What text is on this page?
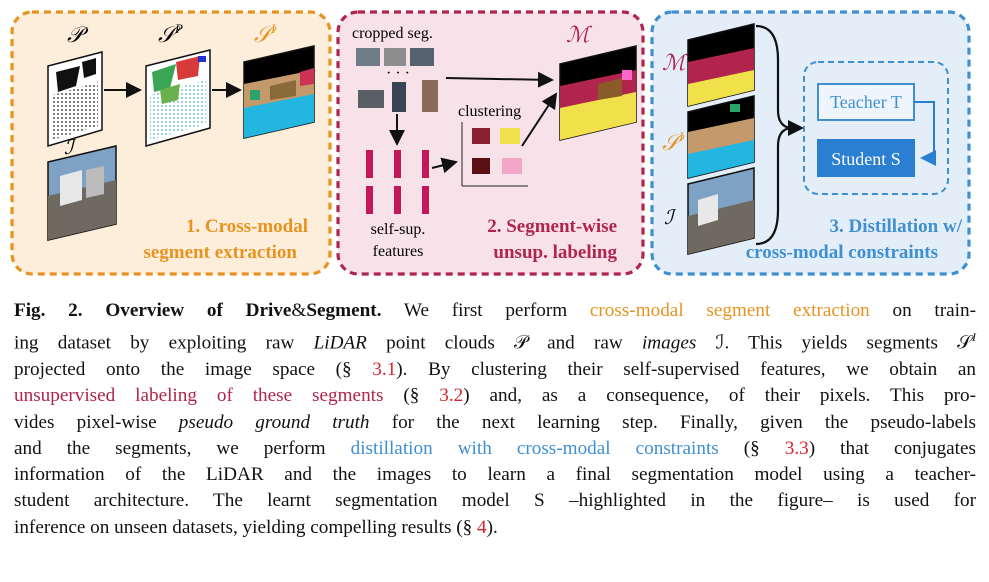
𝒫	𝒮$^P$	𝒮$^I$
ℐ
1. Cross-modal
segment extraction
cropped seg.
· · ·
clustering
ℳ
self-sup.
features
2. Segment-wise
unsup. labeling
ℳ
𝒮$^I$
ℐ
Teacher T
Student S
3. Distillation w/
cross-modal constraints
Fig. 2. Overview of Drive&Segment. We first perform cross-modal segment extraction on train-
ing dataset by exploiting raw LiDAR point clouds 𝒫 and raw images ℐ. This yields segments 𝒮$^I$
projected onto the image space (§ 3.1). By clustering their self-supervised features, we obtain an
unsupervised labeling of these segments (§ 3.2) and, as a consequence, of their pixels. This pro-
vides pixel-wise pseudo ground truth for the next learning step. Finally, given the pseudo-labels
and the segments, we perform distillation with cross-modal constraints (§ 3.3) that conjugates
information of the LiDAR and the images to learn a final segmentation model using a teacher-
student architecture. The learnt segmentation model S –highlighted in the figure– is used for
inference on unseen datasets, yielding compelling results (§ 4).
